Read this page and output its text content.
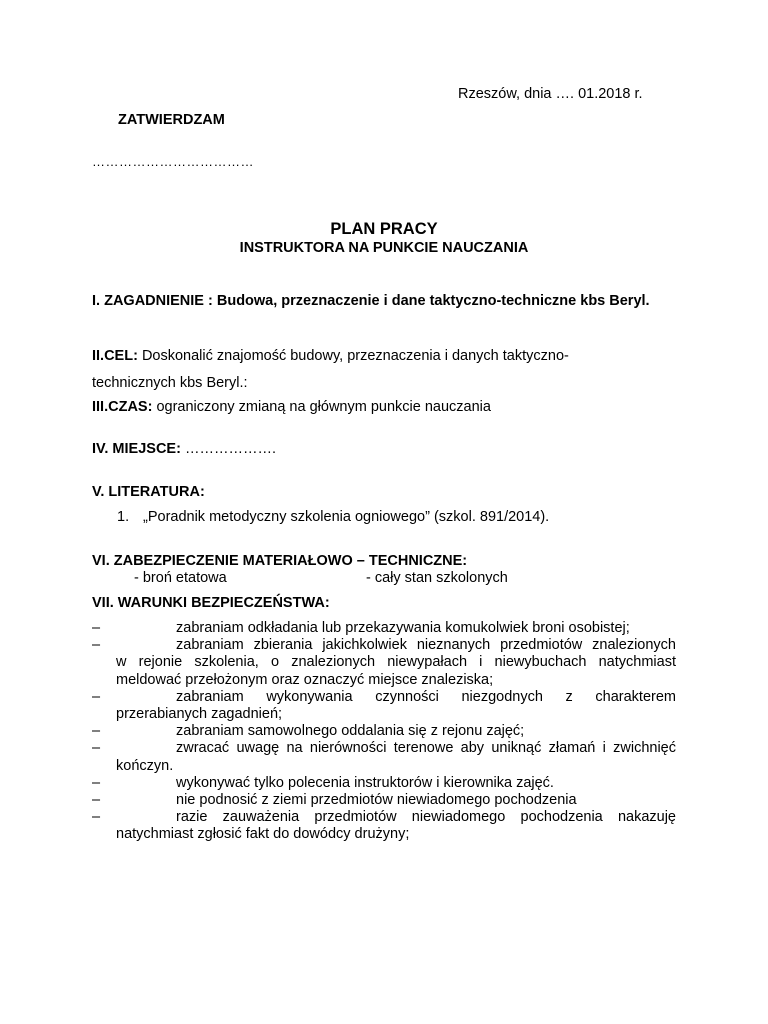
Rzeszów, dnia …. 01.2018 r.
ZATWIERDZAM
………………………………
PLAN PRACY
INSTRUKTORA NA PUNKCIE NAUCZANIA
I. ZAGADNIENIE : Budowa, przeznaczenie i dane taktyczno-techniczne kbs Beryl.
II.CEL: Doskonalić znajomość budowy, przeznaczenia i danych taktyczno-
technicznych kbs Beryl.:
III.CZAS: ograniczony zmianą na głównym punkcie nauczania
IV. MIEJSCE: ……………….
V. LITERATURA:
1. „Poradnik metodyczny szkolenia ogniowego” (szkol. 891/2014).
VI. ZABEZPIECZENIE MATERIAŁOWO – TECHNICZNE:
- broń etatowa	- cały stan szkolonych
VII. WARUNKI BEZPIECZEŃSTWA:
–	zabraniam odkładania lub przekazywania komukolwiek broni osobistej;
–	zabraniam zbierania jakichkolwiek nieznanych przedmiotów znalezionych
w rejonie szkolenia, o znalezionych niewypałach i niewybuchach natychmiast meldować przełożonym oraz oznaczyć miejsce znaleziska;
–	zabraniam wykonywania czynności niezgodnych z charakterem przerabianych zagadnień;
–	zabraniam samowolnego oddalania się z rejonu zajęć;
–	zwracać uwagę na nierówności terenowe aby uniknąć złamań i zwichnięć kończyn.
–	wykonywać tylko polecenia instruktorów i kierownika zajęć.
–	nie podnosić z ziemi przedmiotów niewiadomego pochodzenia
–	razie zauważenia przedmiotów niewiadomego pochodzenia nakazuję natychmiast zgłosić fakt do dowódcy drużyny;
